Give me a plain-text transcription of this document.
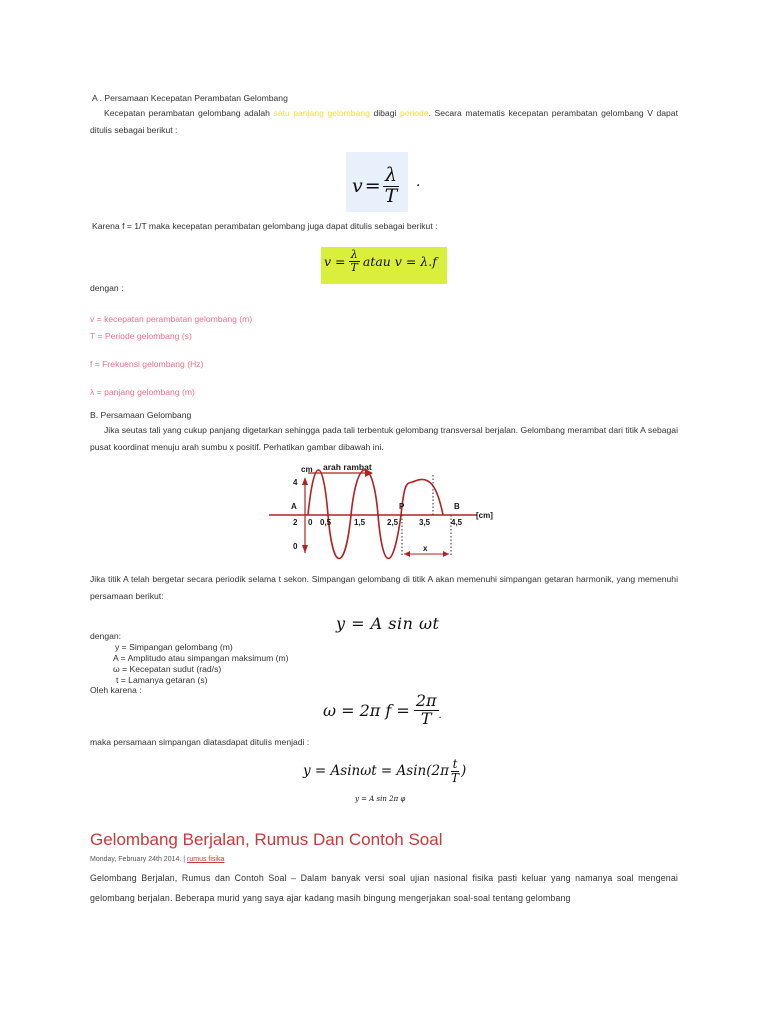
A . Persamaan Kecepatan Perambatan Gelombang
Kecepatan perambatan gelombang adalah satu panjang gelombang dibagi periode. Secara matematis kecepatan perambatan gelombang V dapat ditulis sebagai berikut :
$v = \frac{\lambda}{T}$ .
Karena f = 1/T maka kecepatan perambatan gelombang juga dapat ditulis sebagai berikut :
$v = \frac{\lambda}{T}$ atau v = λ.f
dengan :
v = kecepatan perambatan gelombang (m)
T = Periode gelombang (s)
f = Frekuensi gelombang (Hz)
λ = panjang gelombang (m)
B. Persamaan Gelombang
Jika seutas tali yang cukup panjang digetarkan sehingga pada tali terbentuk gelombang transversal berjalan. Gelombang merambat dari titik A sebagai pusat koordinat menuju arah sumbu x positif. Perhatikan gambar dibawah ini.
arah rambat
cm
4
A
2
0
0 0,5	1,5	2,5	3,5	4,5
P	B
[cm]
x
Jika titik A telah bergetar secara periodik selama t sekon. Simpangan gelombang di titik A akan memenuhi simpangan getaran harmonik, yang memenuhi persamaan berikut:
y = A sin ωt
dengan:
y = Simpangan gelombang (m)
A = Amplitudo atau simpangan maksimum (m)
ω = Kecepatan sudut (rad/s)
t = Lamanya getaran (s)
Oleh karena :
ω = 2π $f = \frac{2\pi}{T}$ .
maka persamaan simpangan diatasdapat ditulis menjadi :
$y = Asin\omega t = Asin(2\pi \frac{t}{T}$ )
y = A sin 2π φ
Gelombang Berjalan, Rumus Dan Contoh Soal
Monday, February 24th 2014. | rumus fisika
Gelombang Berjalan, Rumus dan Contoh Soal – Dalam banyak versi soal ujian nasional fisika pasti keluar yang namanya soal mengenai gelombang berjalan. Beberapa murid yang saya ajar kadang masih bingung mengerjakan soal-soal tentang gelombang
